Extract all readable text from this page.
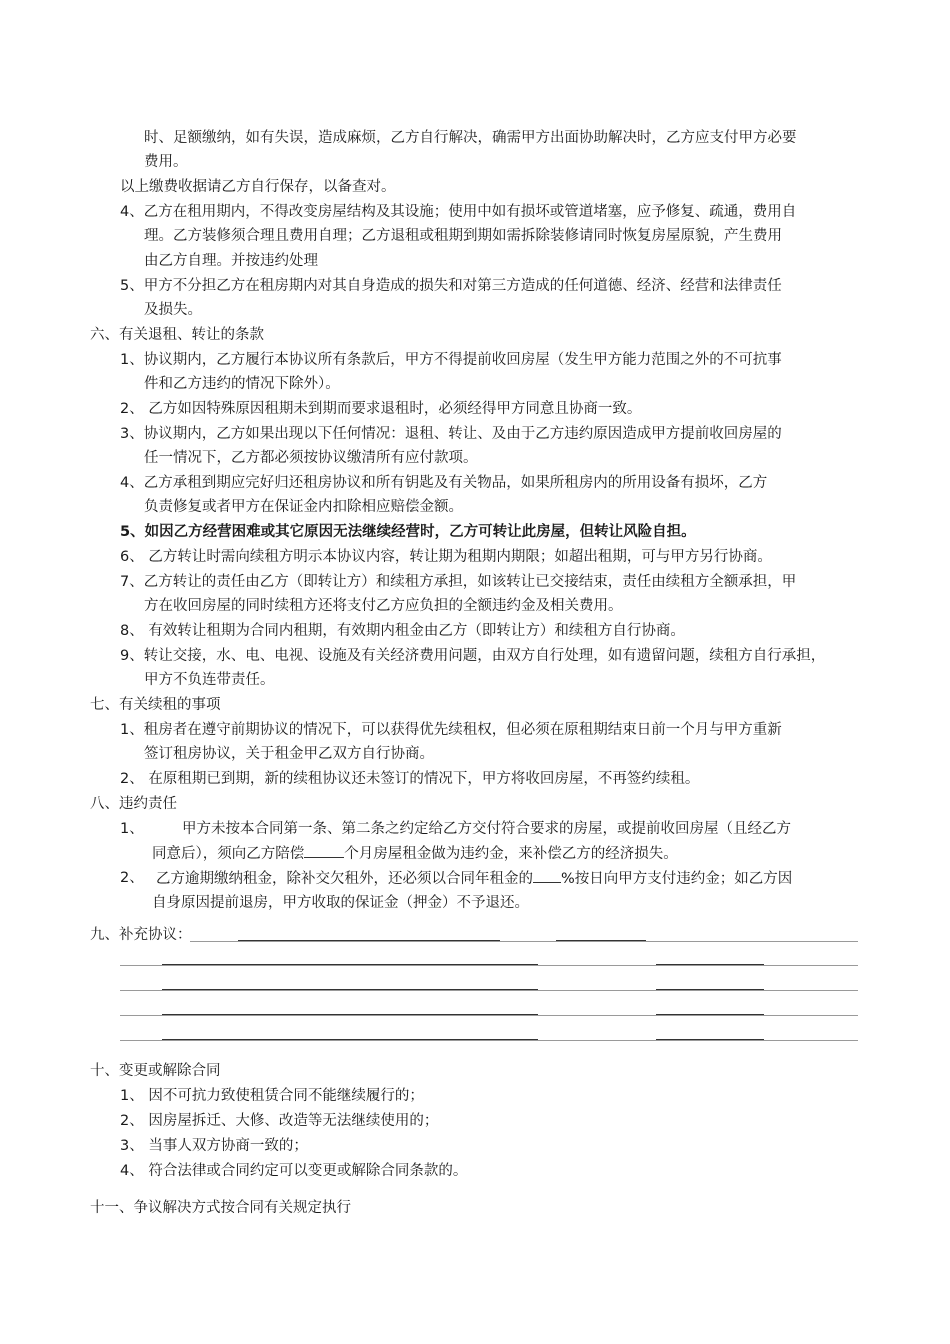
时、足额缴纳，如有失误，造成麻烦，乙方自行解决，确需甲方出面协助解决时，乙方应支付甲方必要
费用。
以上缴费收据请乙方自行保存，以备查对。
4、乙方在租用期内，不得改变房屋结构及其设施；使用中如有损坏或管道堵塞，应予修复、疏通，费用自
理。乙方装修须合理且费用自理；乙方退租或租期到期如需拆除装修请同时恢复房屋原貌，产生费用
由乙方自理。并按违约处理
5、甲方不分担乙方在租房期内对其自身造成的损失和对第三方造成的任何道德、经济、经营和法律责任
及损失。
六、有关退租、转让的条款
1、协议期内，乙方履行本协议所有条款后，甲方不得提前收回房屋（发生甲方能力范围之外的不可抗事
件和乙方违约的情况下除外）。
2、 乙方如因特殊原因租期未到期而要求退租时，必须经得甲方同意且协商一致。
3、协议期内，乙方如果出现以下任何情况：退租、转让、及由于乙方违约原因造成甲方提前收回房屋的
任一情况下，乙方都必须按协议缴清所有应付款项。
4、乙方承租到期应完好归还租房协议和所有钥匙及有关物品，如果所租房内的所用设备有损坏，乙方
负责修复或者甲方在保证金内扣除相应赔偿金额。
5、如因乙方经营困难或其它原因无法继续经营时，乙方可转让此房屋，但转让风险自担。
6、 乙方转让时需向续租方明示本协议内容，转让期为租期内期限；如超出租期，可与甲方另行协商。
7、乙方转让的责任由乙方（即转让方）和续租方承担，如该转让已交接结束，责任由续租方全额承担，甲
方在收回房屋的同时续租方还将支付乙方应负担的全额违约金及相关费用。
8、 有效转让租期为合同内租期，有效期内租金由乙方（即转让方）和续租方自行协商。
9、转让交接，水、电、电视、设施及有关经济费用问题，由双方自行处理，如有遗留问题，续租方自行承担，
甲方不负连带责任。
七、有关续租的事项
1、租房者在遵守前期协议的情况下，可以获得优先续租权，但必须在原租期结束日前一个月与甲方重新
签订租房协议，关于租金甲乙双方自行协商。
2、 在原租期已到期，新的续租协议还未签订的情况下，甲方将收回房屋，不再签约续租。
八、违约责任
1、	甲方未按本合同第一条、第二条之约定给乙方交付符合要求的房屋，或提前收回房屋（且经乙方
同意后），须向乙方陪偿	个月房屋租金做为违约金，来补偿乙方的经济损失。
2、 乙方逾期缴纳租金，除补交欠租外，还必须以合同年租金的 %按日向甲方支付违约金；如乙方因
自身原因提前退房，甲方收取的保证金（押金）不予退还。
九、补充协议：
十、变更或解除合同
1、 因不可抗力致使租赁合同不能继续履行的；
2、 因房屋拆迁、大修、改造等无法继续使用的；
3、 当事人双方协商一致的；
4、 符合法律或合同约定可以变更或解除合同条款的。
十一、争议解决方式按合同有关规定执行
